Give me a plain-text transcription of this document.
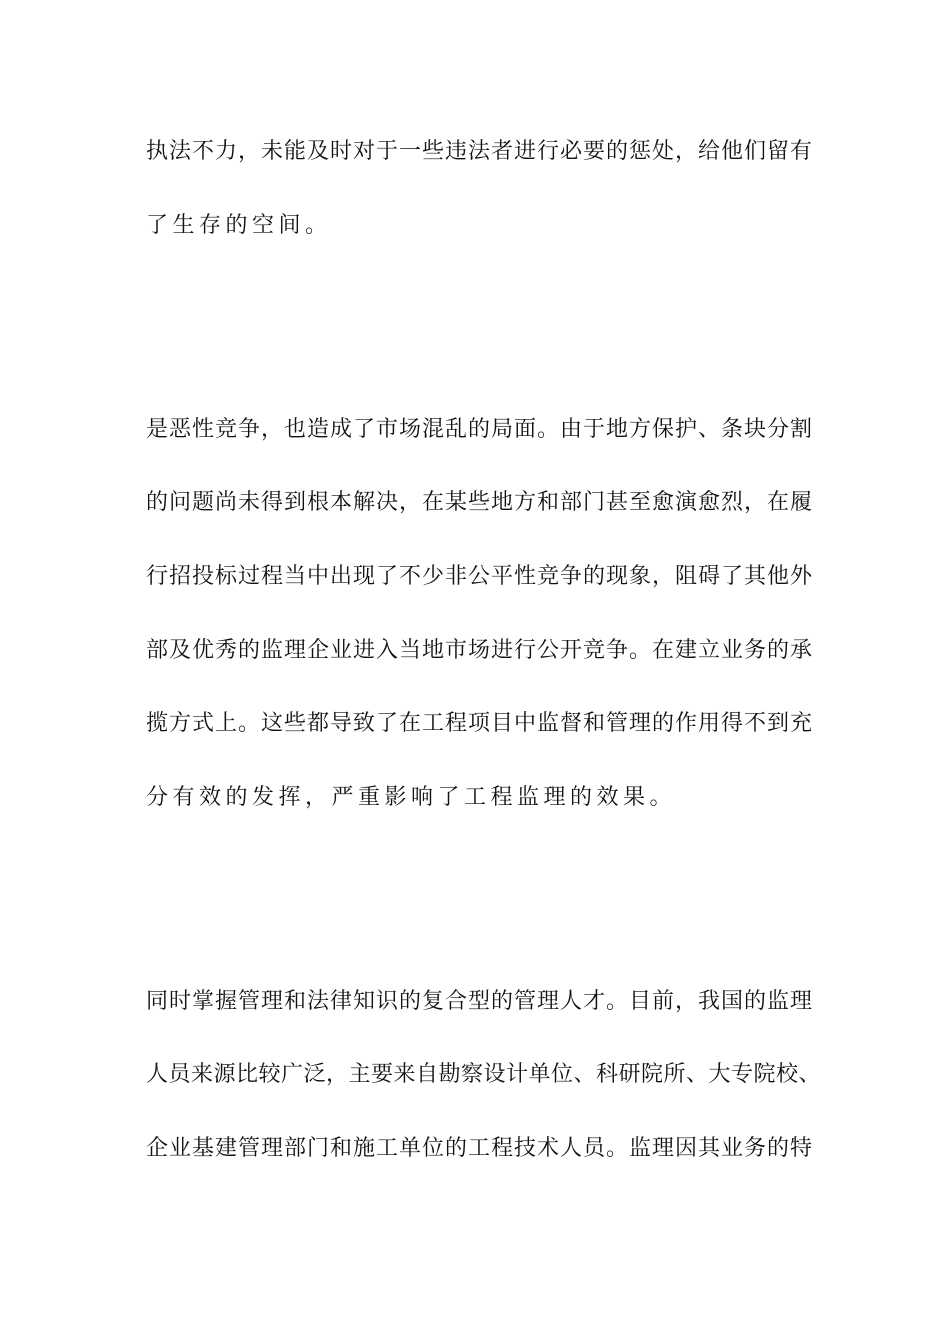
执法不力，未能及时对于一些违法者进行必要的惩处，给他们留有
了生存的空间。
是恶性竞争，也造成了市场混乱的局面。由于地方保护、条块分割
的问题尚未得到根本解决，在某些地方和部门甚至愈演愈烈，在履
行招投标过程当中出现了不少非公平性竞争的现象，阻碍了其他外
部及优秀的监理企业进入当地市场进行公开竞争。在建立业务的承
揽方式上。这些都导致了在工程项目中监督和管理的作用得不到充
分有效的发挥，严重影响了工程监理的效果。
同时掌握管理和法律知识的复合型的管理人才。目前，我国的监理
人员来源比较广泛，主要来自勘察设计单位、科研院所、大专院校、
企业基建管理部门和施工单位的工程技术人员。监理因其业务的特
